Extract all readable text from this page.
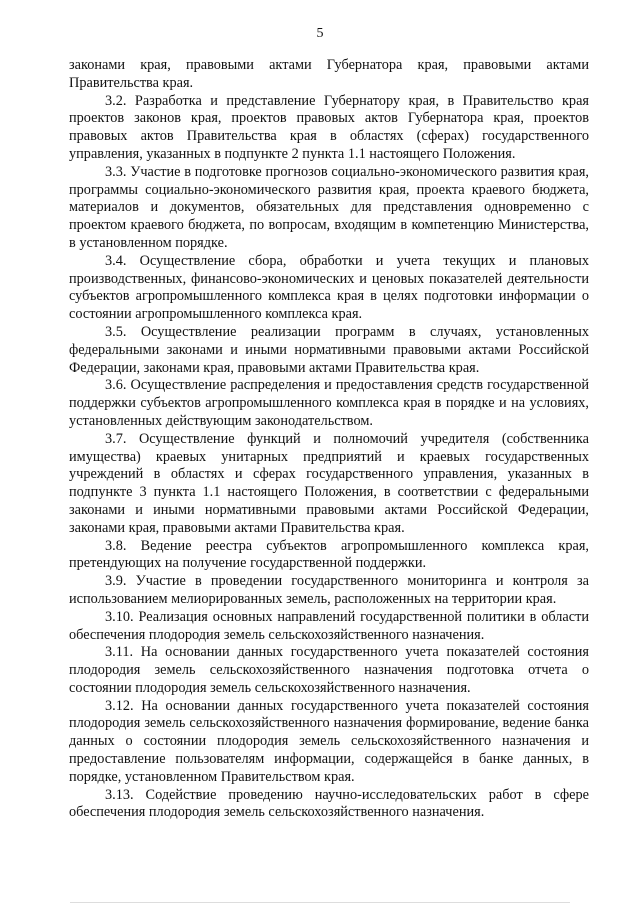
5

законами края, правовыми актами Губернатора края, правовыми актами Правительства края.

3.2. Разработка и представление Губернатору края, в Правительство края проектов законов края, проектов правовых актов Губернатора края, проектов правовых актов Правительства края в областях (сферах) государственного управления, указанных в подпункте 2 пункта 1.1 настоящего Положения.

3.3. Участие в подготовке прогнозов социально-экономического развития края, программы социально-экономического развития края, проекта краевого бюджета, материалов и документов, обязательных для представления одновременно с проектом краевого бюджета, по вопросам, входящим в компетенцию Министерства, в установленном порядке.

3.4. Осуществление сбора, обработки и учета текущих и плановых производственных, финансово-экономических и ценовых показателей деятельности субъектов агропромышленного комплекса края в целях подготовки информации о состоянии агропромышленного комплекса края.

3.5. Осуществление реализации программ в случаях, установленных федеральными законами и иными нормативными правовыми актами Российской Федерации, законами края, правовыми актами Правительства края.

3.6. Осуществление распределения и предоставления средств государственной поддержки субъектов агропромышленного комплекса края в порядке и на условиях, установленных действующим законодательством.

3.7. Осуществление функций и полномочий учредителя (собственника имущества) краевых унитарных предприятий и краевых государственных учреждений в областях и сферах государственного управления, указанных в подпункте 3 пункта 1.1 настоящего Положения, в соответствии с федеральными законами и иными нормативными правовыми актами Российской Федерации, законами края, правовыми актами Правительства края.

3.8. Ведение реестра субъектов агропромышленного комплекса края, претендующих на получение государственной поддержки.

3.9. Участие в проведении государственного мониторинга и контроля за использованием мелиорированных земель, расположенных на территории края.

3.10. Реализация основных направлений государственной политики в области обеспечения плодородия земель сельскохозяйственного назначения.

3.11. На основании данных государственного учета показателей состояния плодородия земель сельскохозяйственного назначения подготовка отчета о состоянии плодородия земель сельскохозяйственного назначения.

3.12. На основании данных государственного учета показателей состояния плодородия земель сельскохозяйственного назначения формирование, ведение банка данных о состоянии плодородия земель сельскохозяйственного назначения и предоставление пользователям информации, содержащейся в банке данных, в порядке, установленном Правительством края.

3.13. Содействие проведению научно-исследовательских работ в сфере обеспечения плодородия земель сельскохозяйственного назначения.
